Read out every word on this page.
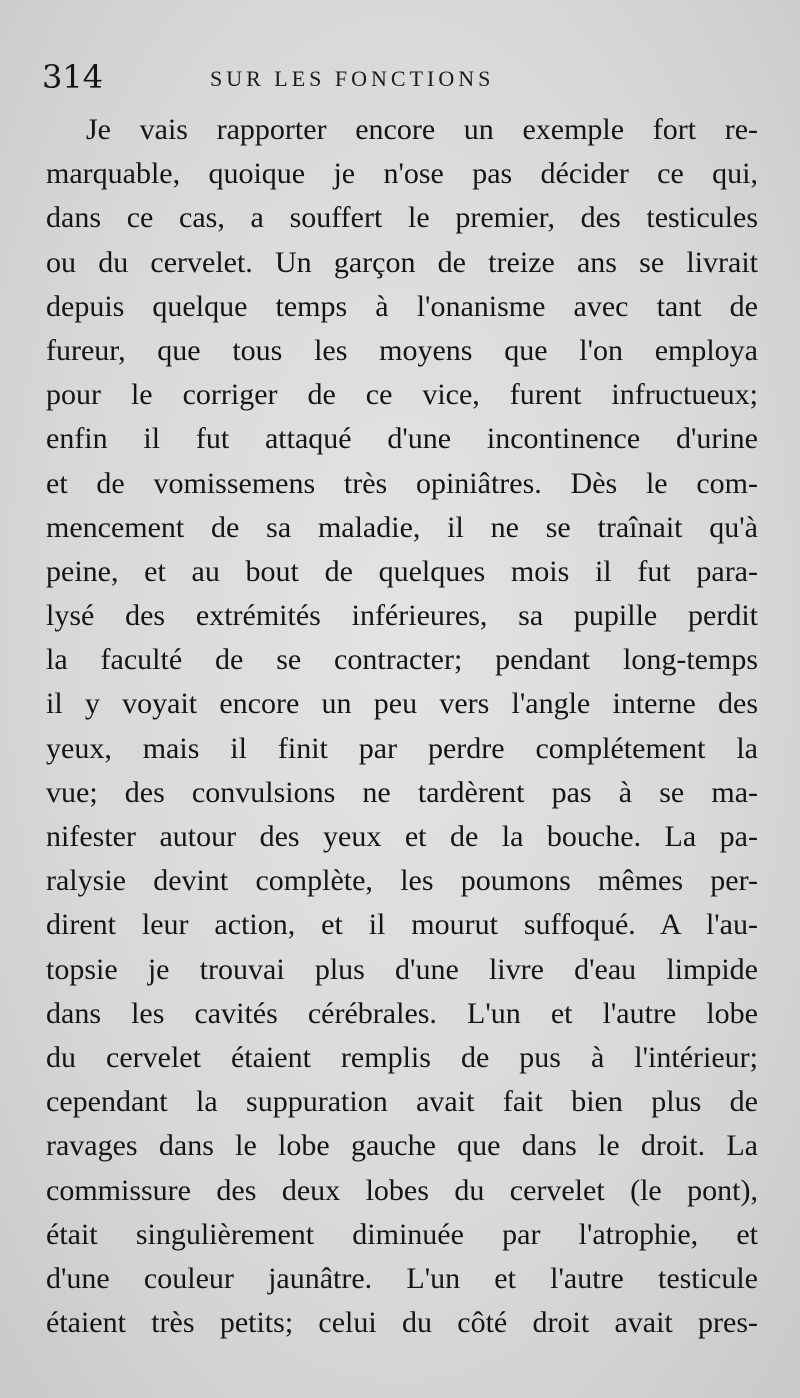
314	SUR LES FONCTIONS
Je vais rapporter encore un exemple fort re-
marquable, quoique je n'ose pas décider ce qui,
dans ce cas, a souffert le premier, des testicules
ou du cervelet. Un garçon de treize ans se livrait
depuis quelque temps à l'onanisme avec tant de
fureur, que tous les moyens que l'on employa
pour le corriger de ce vice, furent infructueux;
enfin il fut attaqué d'une incontinence d'urine
et de vomissemens très opiniâtres. Dès le com-
mencement de sa maladie, il ne se traînait qu'à
peine, et au bout de quelques mois il fut para-
lysé des extrémités inférieures, sa pupille perdit
la faculté de se contracter; pendant long-temps
il y voyait encore un peu vers l'angle interne des
yeux, mais il finit par perdre complétement la
vue; des convulsions ne tardèrent pas à se ma-
nifester autour des yeux et de la bouche. La pa-
ralysie devint complète, les poumons mêmes per-
dirent leur action, et il mourut suffoqué. A l'au-
topsie je trouvai plus d'une livre d'eau limpide
dans les cavités cérébrales. L'un et l'autre lobe
du cervelet étaient remplis de pus à l'intérieur;
cependant la suppuration avait fait bien plus de
ravages dans le lobe gauche que dans le droit. La
commissure des deux lobes du cervelet (le pont),
était singulièrement diminuée par l'atrophie, et
d'une couleur jaunâtre. L'un et l'autre testicule
étaient très petits; celui du côté droit avait pres-
